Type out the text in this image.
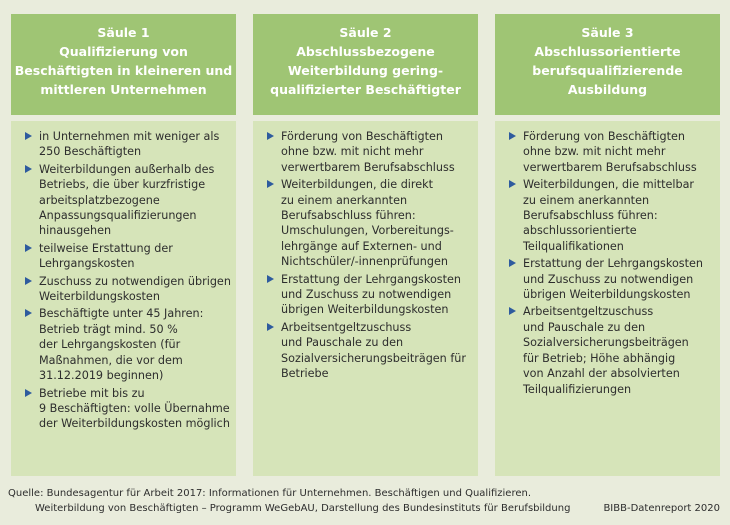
Säule 1
Qualifizierung von
Beschäftigten in kleineren und
mittleren Unternehmen
in Unternehmen mit weniger als
250 Beschäftigten
Weiterbildungen außerhalb des
Betriebs, die über kurzfristige
arbeitsplatzbezogene
Anpassungsqualifizierungen
hinausgehen
teilweise Erstattung der
Lehrgangskosten
Zuschuss zu notwendigen übrigen
Weiterbildungskosten
Beschäftigte unter 45 Jahren:
Betrieb trägt mind. 50 %
der Lehrgangskosten (für
Maßnahmen, die vor dem
31.12.2019 beginnen)
Betriebe mit bis zu
9 Beschäftigten: volle Übernahme
der Weiterbildungskosten möglich
Säule 2
Abschlussbezogene
Weiterbildung gering-
qualifizierter Beschäftigter
Förderung von Beschäftigten
ohne bzw. mit nicht mehr
verwertbarem Berufsabschluss
Weiterbildungen, die direkt
zu einem anerkannten
Berufsabschluss führen:
Umschulungen, Vorbereitungs-
lehrgänge auf Externen- und
Nichtschüler/-innenprüfungen
Erstattung der Lehrgangskosten
und Zuschuss zu notwendigen
übrigen Weiterbildungskosten
Arbeitsentgeltzuschuss
und Pauschale zu den
Sozialversicherungsbeiträgen für
Betriebe
Säule 3
Abschlussorientierte
berufsqualifizierende
Ausbildung
Förderung von Beschäftigten
ohne bzw. mit nicht mehr
verwertbarem Berufsabschluss
Weiterbildungen, die mittelbar
zu einem anerkannten
Berufsabschluss führen:
abschlussorientierte
Teilqualifikationen
Erstattung der Lehrgangskosten
und Zuschuss zu notwendigen
übrigen Weiterbildungskosten
Arbeitsentgeltzuschuss
und Pauschale zu den
Sozialversicherungsbeiträgen
für Betrieb; Höhe abhängig
von Anzahl der absolvierten
Teilqualifizierungen
Quelle: Bundesagentur für Arbeit 2017: Informationen für Unternehmen. Beschäftigen und Qualifizieren.
Weiterbildung von Beschäftigten – Programm WeGebAU, Darstellung des Bundesinstituts für Berufsbildung	BIBB-Datenreport 2020
